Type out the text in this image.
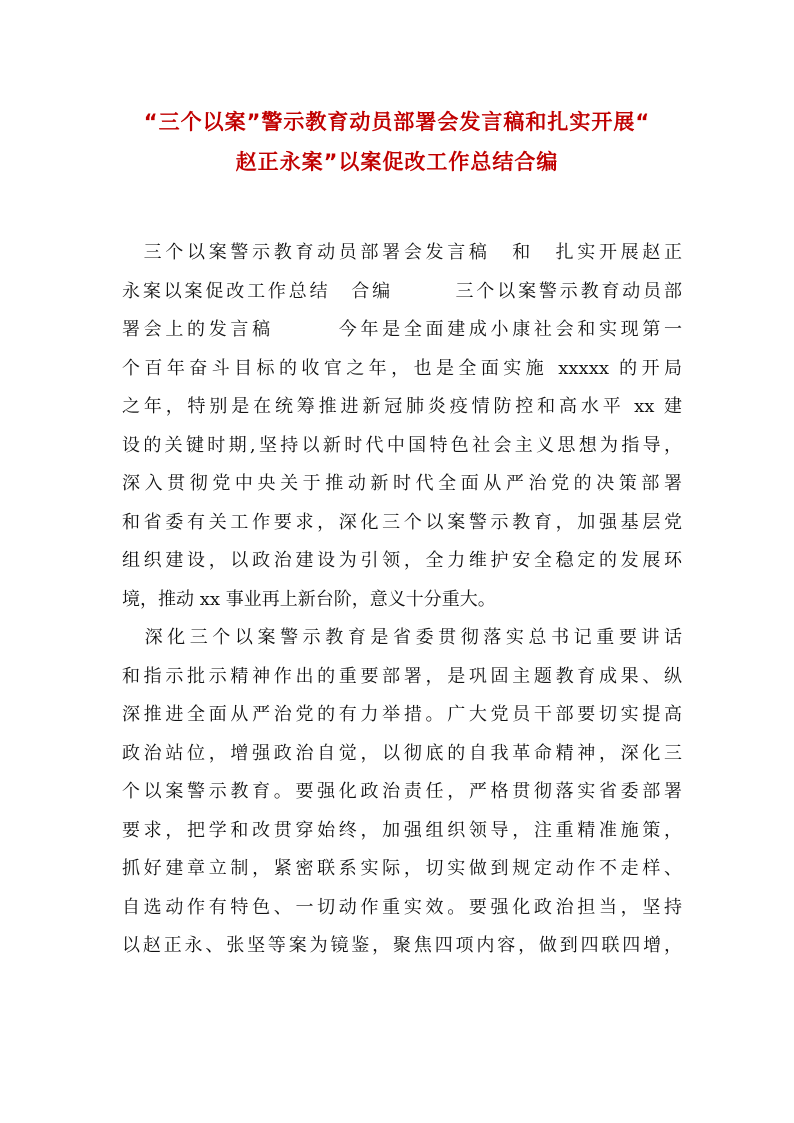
“三个以案”警示教育动员部署会发言稿和扎实开展“
赵正永案”以案促改工作总结合编
　三个以案警示教育动员部署会发言稿　和　扎实开展赵正
永案以案促改工作总结　合编　　　三个以案警示教育动员部
署会上的发言稿　　　今年是全面建成小康社会和实现第一
个百年奋斗目标的收官之年，也是全面实施 xxxxx 的开局
之年，特别是在统筹推进新冠肺炎疫情防控和高水平 xx 建
设的关键时期,坚持以新时代中国特色社会主义思想为指导，
深入贯彻党中央关于推动新时代全面从严治党的决策部署
和省委有关工作要求，深化三个以案警示教育，加强基层党
组织建设，以政治建设为引领，全力维护安全稳定的发展环
境，推动 xx 事业再上新台阶，意义十分重大。
　深化三个以案警示教育是省委贯彻落实总书记重要讲话
和指示批示精神作出的重要部署，是巩固主题教育成果、纵
深推进全面从严治党的有力举措。广大党员干部要切实提高
政治站位，增强政治自觉，以彻底的自我革命精神，深化三
个以案警示教育。要强化政治责任，严格贯彻落实省委部署
要求，把学和改贯穿始终，加强组织领导，注重精准施策，
抓好建章立制，紧密联系实际，切实做到规定动作不走样、
自选动作有特色、一切动作重实效。要强化政治担当，坚持
以赵正永、张坚等案为镜鉴，聚焦四项内容，做到四联四增，
